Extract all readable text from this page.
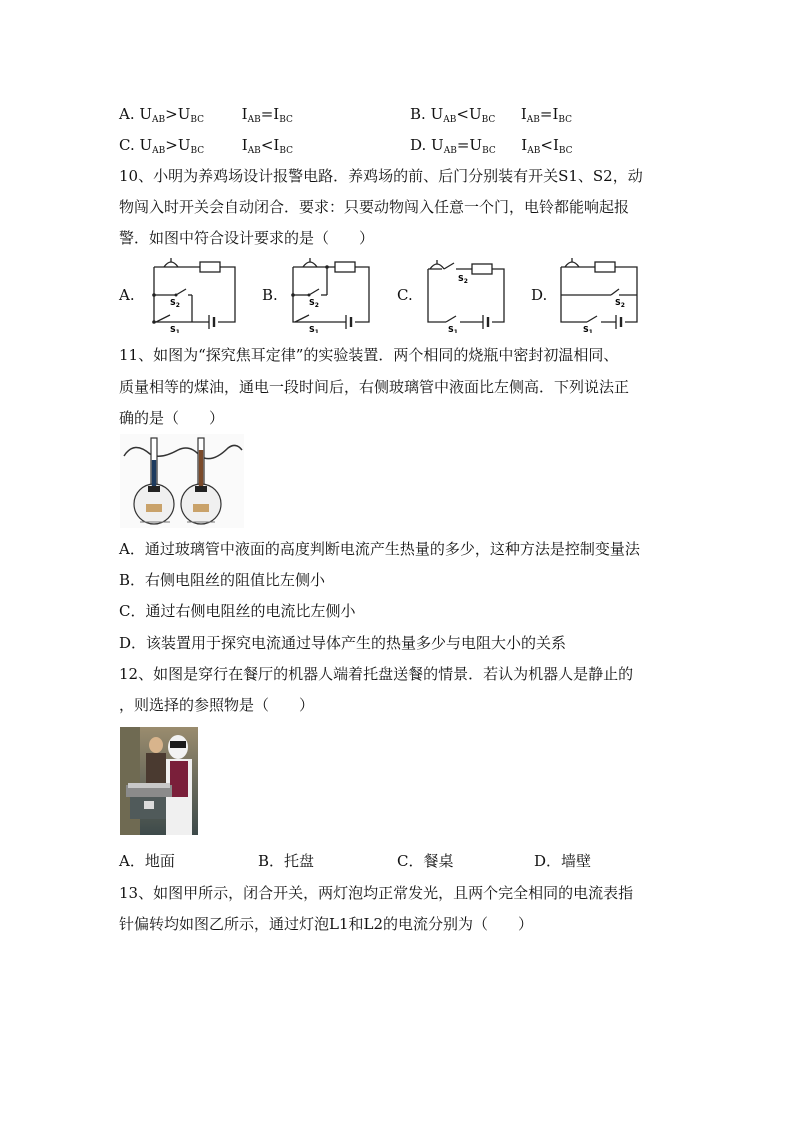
A. $U_{AB}>U_{BC}$	$I_{AB}=I_{BC}$	B. $U_{AB}<U_{BC}$ $I_{AB}=I_{BC}$
C. $U_{AB}>U_{BC}$	$I_{AB}<I_{BC}$	D. $U_{AB}=U_{BC}$ $I_{AB}<I_{BC}$
10、小明为养鸡场设计报警电路．养鸡场的前、后门分别装有开关S1、S2，动
物闯入时开关会自动闭合．要求：只要动物闯入任意一个门，电铃都能响起报
警．如图中符合设计要求的是（　　）
A.	B.	C.	D.
$S_2$
$S_1$
$S_2$
$S_1$
$S_2$
$S_1$
$S_2$
$S_1$
11、如图为“探究焦耳定律”的实验装置．两个相同的烧瓶中密封初温相同、
质量相等的煤油，通电一段时间后，右侧玻璃管中液面比左侧高．下列说法正
确的是（　　）
A．通过玻璃管中液面的高度判断电流产生热量的多少，这种方法是控制变量法
B．右侧电阻丝的阻值比左侧小
C．通过右侧电阻丝的电流比左侧小
D．该装置用于探究电流通过导体产生的热量多少与电阻大小的关系
12、如图是穿行在餐厅的机器人端着托盘送餐的情景．若认为机器人是静止的
，则选择的参照物是（　　）
A．地面	B．托盘	C．餐桌	D．墙壁
13、如图甲所示，闭合开关，两灯泡均正常发光，且两个完全相同的电流表指
针偏转均如图乙所示，通过灯泡L1和L2的电流分别为（　　）
